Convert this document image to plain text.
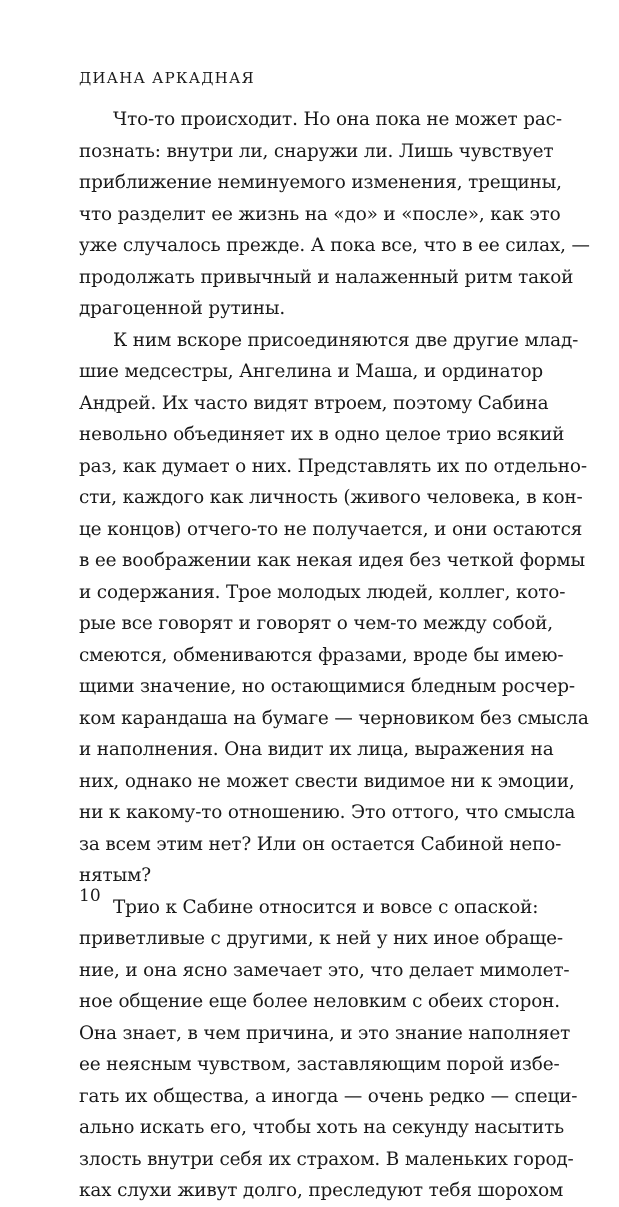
ДИАНА АРКАДНАЯ
Что-то происходит. Но она пока не может рас-
познать: внутри ли, снаружи ли. Лишь чувствует
приближение неминуемого изменения, трещины,
что разделит ее жизнь на «до» и «после», как это
уже случалось прежде. А пока все, что в ее силах, —
продолжать привычный и налаженный ритм такой
драгоценной рутины.
К ним вскоре присоединяются две другие млад-
шие медсестры, Ангелина и Маша, и ординатор
Андрей. Их часто видят втроем, поэтому Сабина
невольно объединяет их в одно целое трио всякий
раз, как думает о них. Представлять их по отдельно-
сти, каждого как личность (живого человека, в кон-
це концов) отчего-то не получается, и они остаются
в ее воображении как некая идея без четкой формы
и содержания. Трое молодых людей, коллег, кото-
рые все говорят и говорят о чем-то между собой,
смеются, обмениваются фразами, вроде бы имею-
щими значение, но остающимися бледным росчер-
ком карандаша на бумаге — черновиком без смысла
и наполнения. Она видит их лица, выражения на
них, однако не может свести видимое ни к эмоции,
ни к какому-то отношению. Это оттого, что смысла
за всем этим нет? Или он остается Сабиной непо-
нятым?
Трио к Сабине относится и вовсе с опаской:
приветливые с другими, к ней у них иное обраще-
ние, и она ясно замечает это, что делает мимолет-
ное общение еще более неловким с обеих сторон.
Она знает, в чем причина, и это знание наполняет
ее неясным чувством, заставляющим порой избе-
гать их общества, а иногда — очень редко — специ-
ально искать его, чтобы хоть на секунду насытить
злость внутри себя их страхом. В маленьких город-
ках слухи живут долго, преследуют тебя шорохом
10
